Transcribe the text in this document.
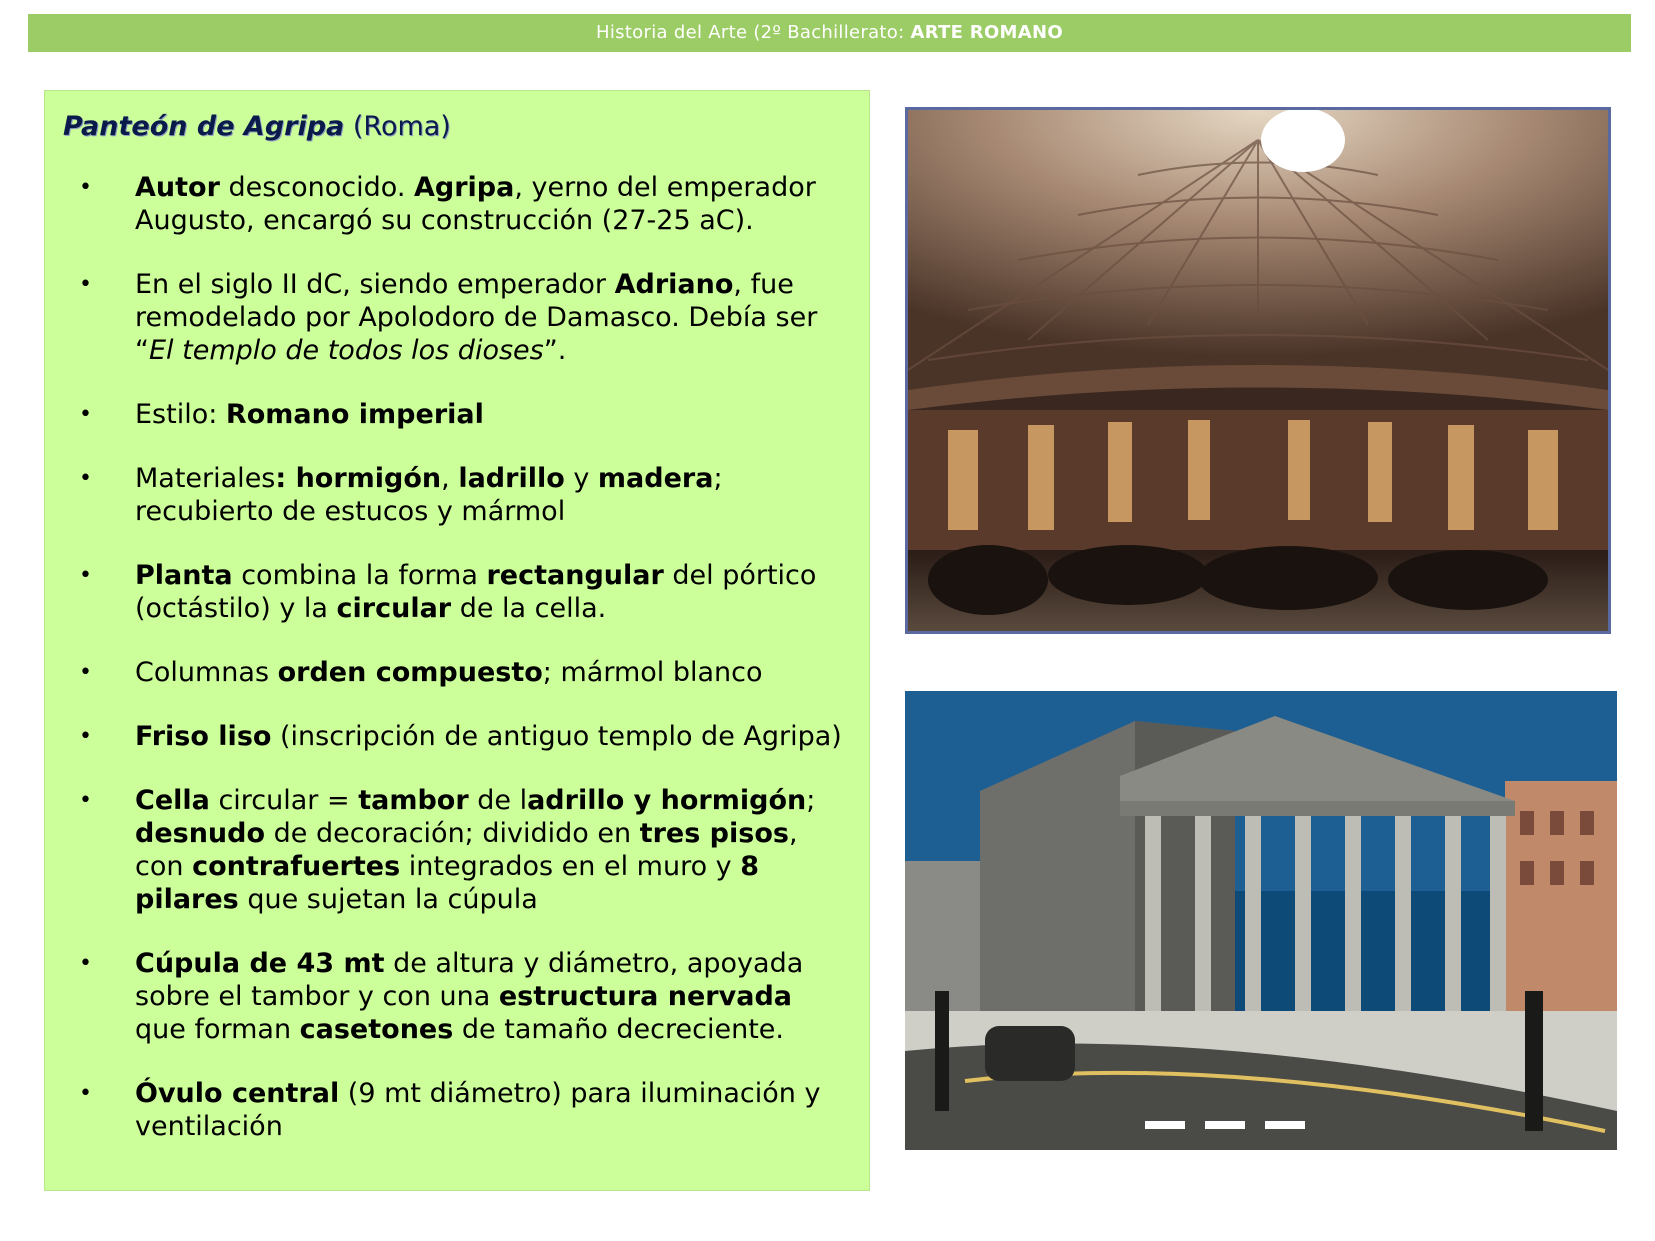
Historia del Arte (2º Bachillerato: ARTE ROMANO
Panteón de Agripa (Roma)
• Autor desconocido. Agripa, yerno del emperador Augusto, encargó su construcción (27-25 aC).
• En el siglo II dC, siendo emperador Adriano, fue remodelado por Apolodoro de Damasco. Debía ser “El templo de todos los dioses”.
• Estilo: Romano imperial
• Materiales: hormigón, ladrillo y madera; recubierto de estucos y mármol
• Planta combina la forma rectangular del pórtico (octástilo) y la circular de la cella.
• Columnas orden compuesto; mármol blanco
• Friso liso (inscripción de antiguo templo de Agripa)
• Cella circular = tambor de ladrillo y hormigón; desnudo de decoración; dividido en tres pisos, con contrafuertes integrados en el muro y 8 pilares que sujetan la cúpula
• Cúpula de 43 mt de altura y diámetro, apoyada sobre el tambor y con una estructura nervada que forman casetones de tamaño decreciente.
• Óvulo central (9 mt diámetro) para iluminación y ventilación
